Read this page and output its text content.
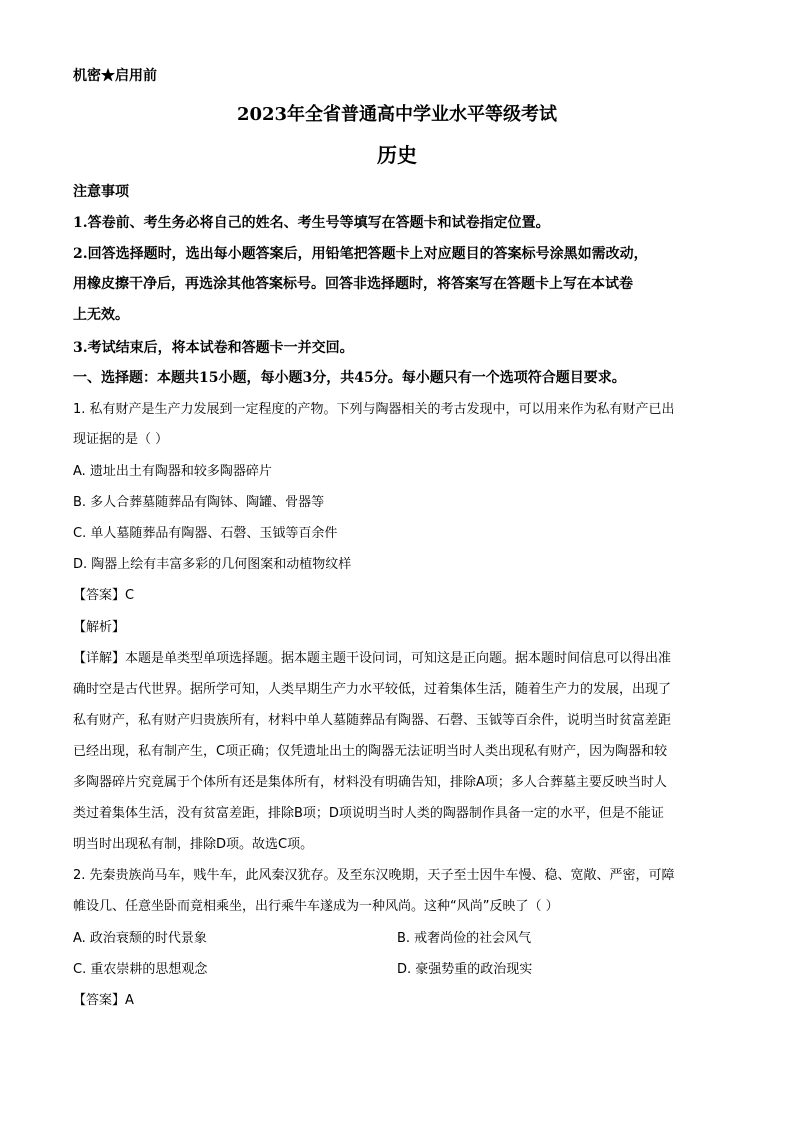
机密★启用前
2023年全省普通高中学业水平等级考试
历史
注意事项
1.答卷前、考生务必将自己的姓名、考生号等填写在答题卡和试卷指定位置。
2.回答选择题时，选出每小题答案后，用铅笔把答题卡上对应题目的答案标号涂黑如需改动，
用橡皮擦干净后，再选涂其他答案标号。回答非选择题时，将答案写在答题卡上写在本试卷
上无效。
3.考试结束后，将本试卷和答题卡一并交回。
一、选择题：本题共15小题，每小题3分，共45分。每小题只有一个选项符合题目要求。
1. 私有财产是生产力发展到一定程度的产物。下列与陶器相关的考古发现中，可以用来作为私有财产已出
现证据的是（ ）
A. 遗址出土有陶器和较多陶器碎片
B. 多人合葬墓随葬品有陶钵、陶罐、骨器等
C. 单人墓随葬品有陶器、石磬、玉钺等百余件
D. 陶器上绘有丰富多彩的几何图案和动植物纹样
【答案】C
【解析】
【详解】本题是单类型单项选择题。据本题主题干设问词，可知这是正向题。据本题时间信息可以得出准
确时空是古代世界。据所学可知，人类早期生产力水平较低，过着集体生活，随着生产力的发展，出现了
私有财产，私有财产归贵族所有，材料中单人墓随葬品有陶器、石磬、玉钺等百余件，说明当时贫富差距
已经出现，私有制产生，C项正确；仅凭遗址出土的陶器无法证明当时人类出现私有财产，因为陶器和较
多陶器碎片究竟属于个体所有还是集体所有，材料没有明确告知，排除A项；多人合葬墓主要反映当时人
类过着集体生活，没有贫富差距，排除B项；D项说明当时人类的陶器制作具备一定的水平，但是不能证
明当时出现私有制，排除D项。故选C项。
2. 先秦贵族尚马车，贱牛车，此风秦汉犹存。及至东汉晚期，天子至士因牛车慢、稳、宽敞、严密，可障
帷设几、任意坐卧而竟相乘坐，出行乘牛车遂成为一种风尚。这种“风尚”反映了（ ）
A. 政治衰颓的时代景象	B. 戒奢尚俭的社会风气
C. 重农崇耕的思想观念	D. 豪强势重的政治现实
【答案】A
